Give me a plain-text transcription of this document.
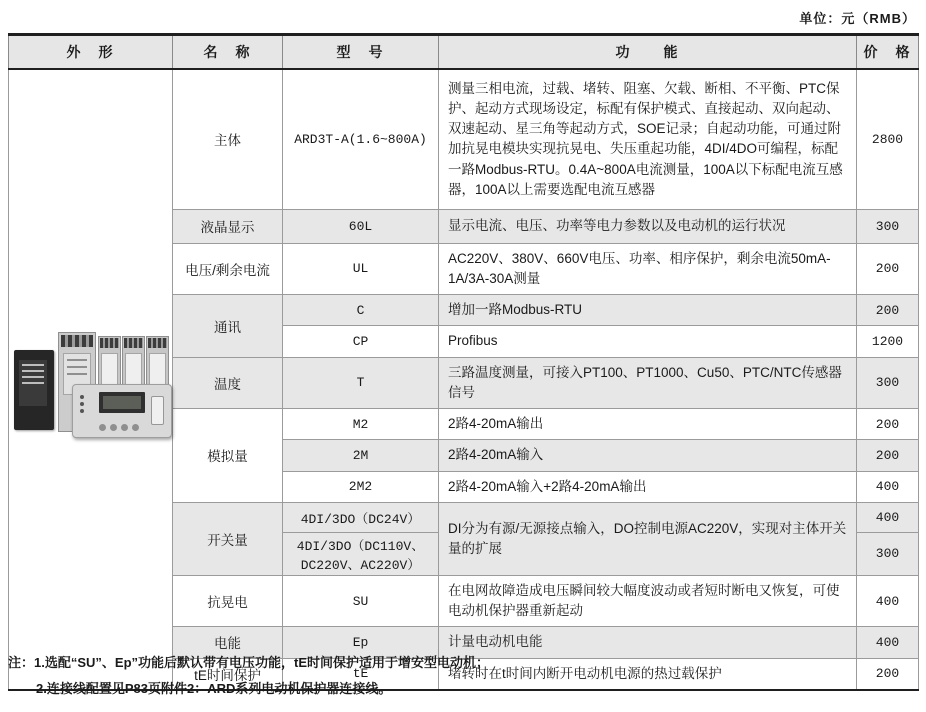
单位：元（RMB）
外　形	名　称	型　号	功　　能	价　格

	主体	ARD3T-A(1.6~800A)	测量三相电流，过载、堵转、阻塞、欠载、断相、不平衡、PTC保护、起动方式现场设定，标配有保护模式、直接起动、双向起动、双速起动、星三角等起动方式，SOE记录；自起动功能，可通过附加抗晃电模块实现抗晃电、失压重起功能，4DI/4DO可编程，标配一路Modbus-RTU。0.4A~800A电流测量，100A以下标配电流互感器，100A以上需要选配电流互感器	2800
	液晶显示	60L	显示电流、电压、功率等电力参数以及电动机的运行状况	300
	电压/剩余电流	UL	AC220V、380V、660V电压、功率、相序保护，剩余电流50mA-1A/3A-30A测量	200
	通讯	C	增加一路Modbus-RTU	200
		CP	Profibus	1200
	温度	T	三路温度测量，可接入PT100、PT1000、Cu50、PTC/NTC传感器信号	300
	模拟量	M2	2路4-20mA输出	200
		2M	2路4-20mA输入	200
		2M2	2路4-20mA输入+2路4-20mA输出	400
	开关量	4DI/3DO（DC24V）	DI分为有源/无源接点输入，DO控制电源AC220V，实现对主体开关量的扩展	400
		4DI/3DO（DC110V、DC220V、AC220V）		300
	抗晃电	SU	在电网故障造成电压瞬间较大幅度波动或者短时断电又恢复，可使电动机保护器重新起动	400
	电能	Ep	计量电动机电能	400
	tE时间保护	tE	堵转时在t时间内断开电动机电源的热过载保护	200
注：1.选配“SU”、Ep”功能后默认带有电压功能，tE时间保护适用于增安型电动机；
2.连接线配置见P83页附件2：ARD系列电动机保护器连接线。
